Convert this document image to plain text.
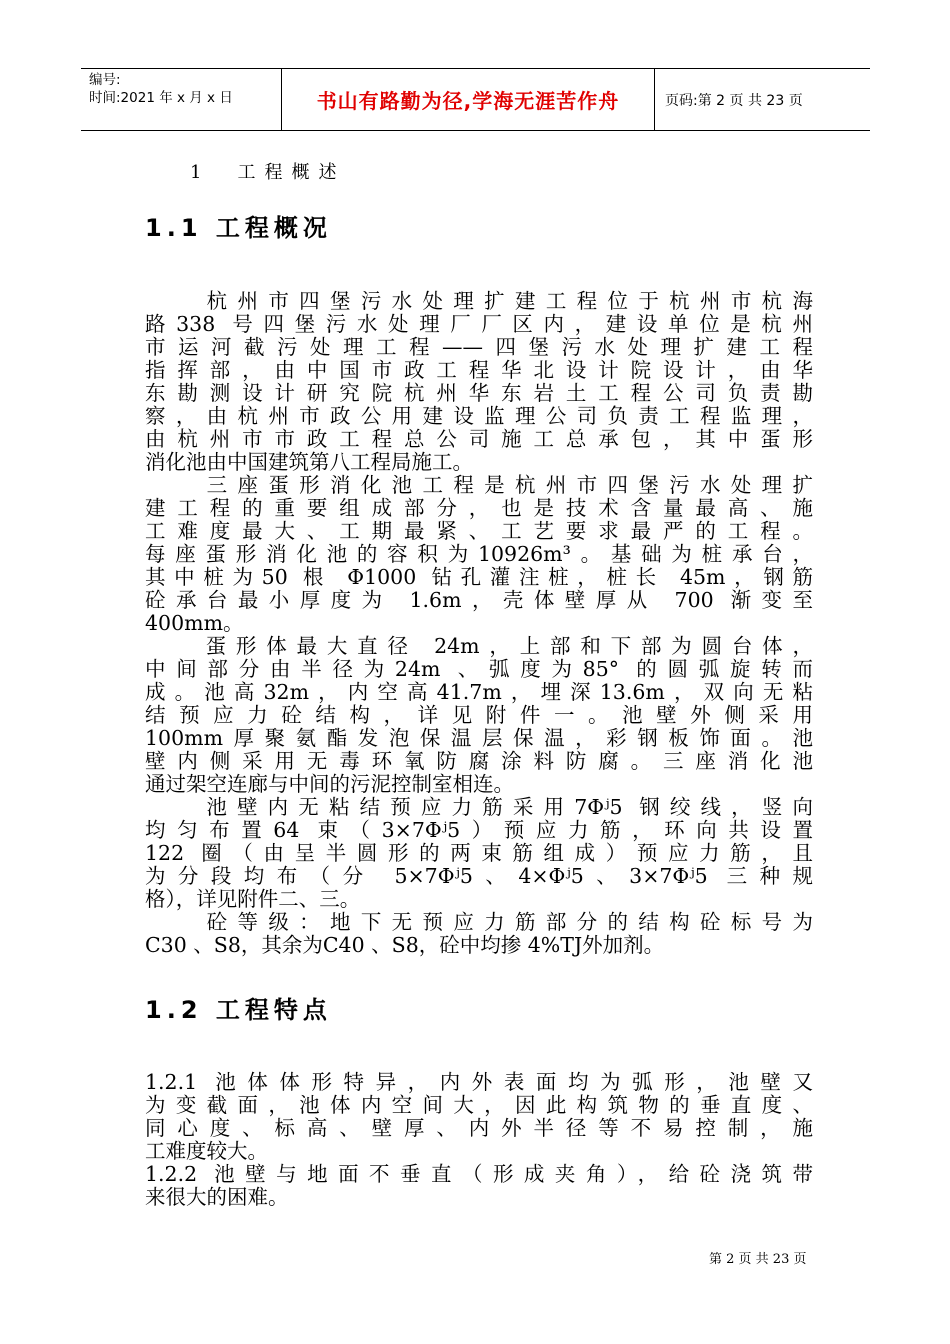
编号:
时间:2021 年 x 月 x 日	书山有路勤为径,学海无涯苦作舟	页码:第 2 页 共 23 页
1　工程概述
1.1 工程概况
　　杭州市四堡污水处理扩建工程位于杭州市杭海
路338 号四堡污水处理厂厂区内，建设单位是杭州
市运河截污处理工程——四堡污水处理扩建工程
指挥部，由中国市政工程华北设计院设计，由华
东勘测设计研究院杭州华东岩土工程公司负责勘
察，由杭州市政公用建设监理公司负责工程监理，
由杭州市市政工程总公司施工总承包，其中蛋形
消化池由中国建筑第八工程局施工。
　　三座蛋形消化池工程是杭州市四堡污水处理扩
建工程的重要组成部分，也是技术含量最高、施
工难度最大、工期最紧、工艺要求最严的工程。
每座蛋形消化池的容积为10926m³。基础为桩承台，
其中桩为50 根 Φ1000 钻孔灌注桩，桩长 45m，钢筋
砼承台最小厚度为 1.6m，壳体壁厚从 700 渐变至
400mm。
　　蛋形体最大直径 24m，上部和下部为圆台体，
中间部分由半径为24m 、弧度为85° 的圆弧旋转而
成。池高32m，内空高41.7m，埋深13.6m，双向无粘
结预应力砼结构，详见附件一。池壁外侧采用
100mm厚聚氨酯发泡保温层保温，彩钢板饰面。池
壁内侧采用无毒环氧防腐涂料防腐。三座消化池
通过架空连廊与中间的污泥控制室相连。
　　池壁内无粘结预应力筋采用7Φʲ5 钢绞线，竖向
均匀布置64 束（3×7Φʲ5）预应力筋，环向共设置
122 圈（由呈半圆形的两束筋组成）预应力筋，且
为分段均布（分 5×7Φʲ5、4×Φʲ5、3×7Φʲ5 三种规
格），详见附件二、三。
　　砼等级：地下无预应力筋部分的结构砼标号为
C30 、S8，其余为C40 、S8，砼中均掺 4%TJ外加剂。
1.2 工程特点
1.2.1 池体体形特异，内外表面均为弧形，池壁又
为变截面，池体内空间大，因此构筑物的垂直度、
同心度、标高、壁厚、内外半径等不易控制，施
工难度较大。
1.2.2 池壁与地面不垂直（形成夹角），给砼浇筑带
来很大的困难。
第 2 页 共 23 页
